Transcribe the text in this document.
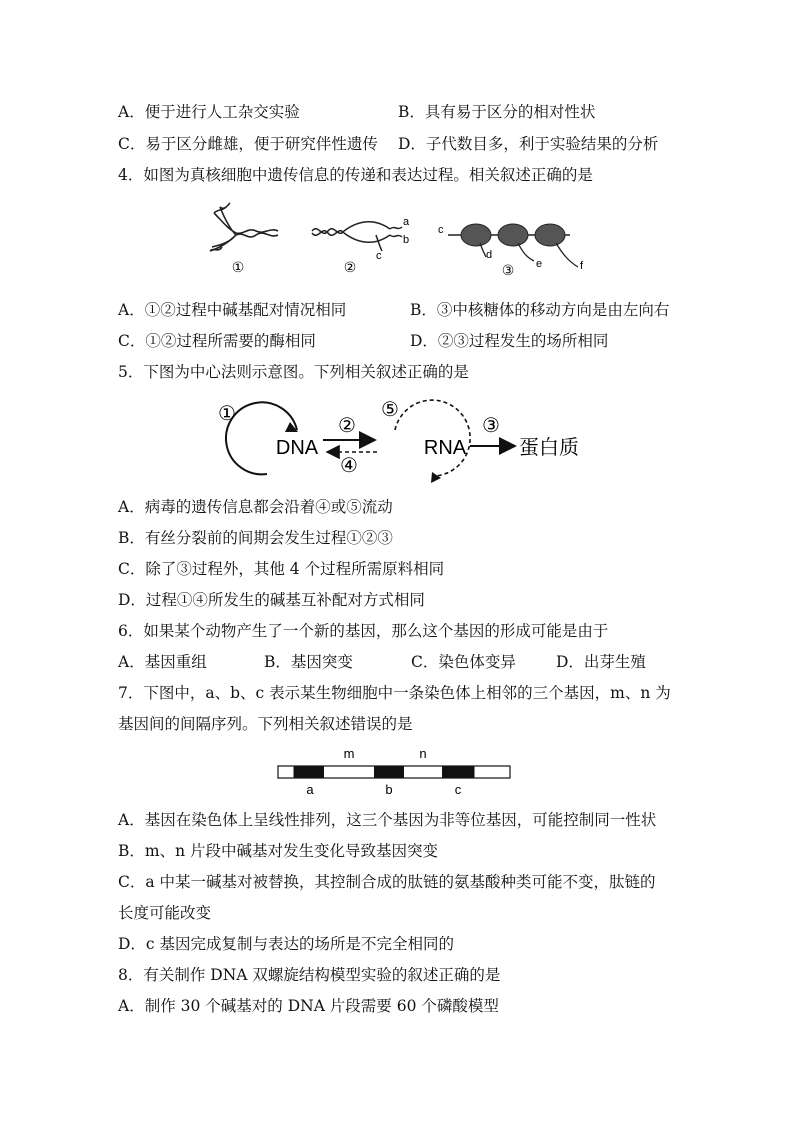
A．便于进行人工杂交实验	B．具有易于区分的相对性状
C．易于区分雌雄，便于研究伴性遗传 D．子代数目多，利于实验结果的分析
4．如图为真核细胞中遗传信息的传递和表达过程。相关叙述正确的是
①	②
a
b
c
c
d
e	f
③
A．①②过程中碱基配对情况相同	B．③中核糖体的移动方向是由左向右
C．①②过程所需要的酶相同	D．②③过程发生的场所相同
5．下图为中心法则示意图。下列相关叙述正确的是
①
DNA
②
④
⑤
RNA
③
蛋白质
A．病毒的遗传信息都会沿着④或⑤流动
B．有丝分裂前的间期会发生过程①②③
C．除了③过程外，其他 4 个过程所需原料相同
D．过程①④所发生的碱基互补配对方式相同
6．如果某个动物产生了一个新的基因，那么这个基因的形成可能是由于
A．基因重组	B．基因突变	C．染色体变异	D．出芽生殖
7．下图中，a、b、c 表示某生物细胞中一条染色体上相邻的三个基因，m、n 为
基因间的间隔序列。下列相关叙述错误的是
m	n
a	b	c
A．基因在染色体上呈线性排列，这三个基因为非等位基因，可能控制同一性状
B．m、n 片段中碱基对发生变化导致基因突变
C．a 中某一碱基对被替换，其控制合成的肽链的氨基酸种类可能不变，肽链的
长度可能改变
D．c 基因完成复制与表达的场所是不完全相同的
8．有关制作 DNA 双螺旋结构模型实验的叙述正确的是
A．制作 30 个碱基对的 DNA 片段需要 60 个磷酸模型
